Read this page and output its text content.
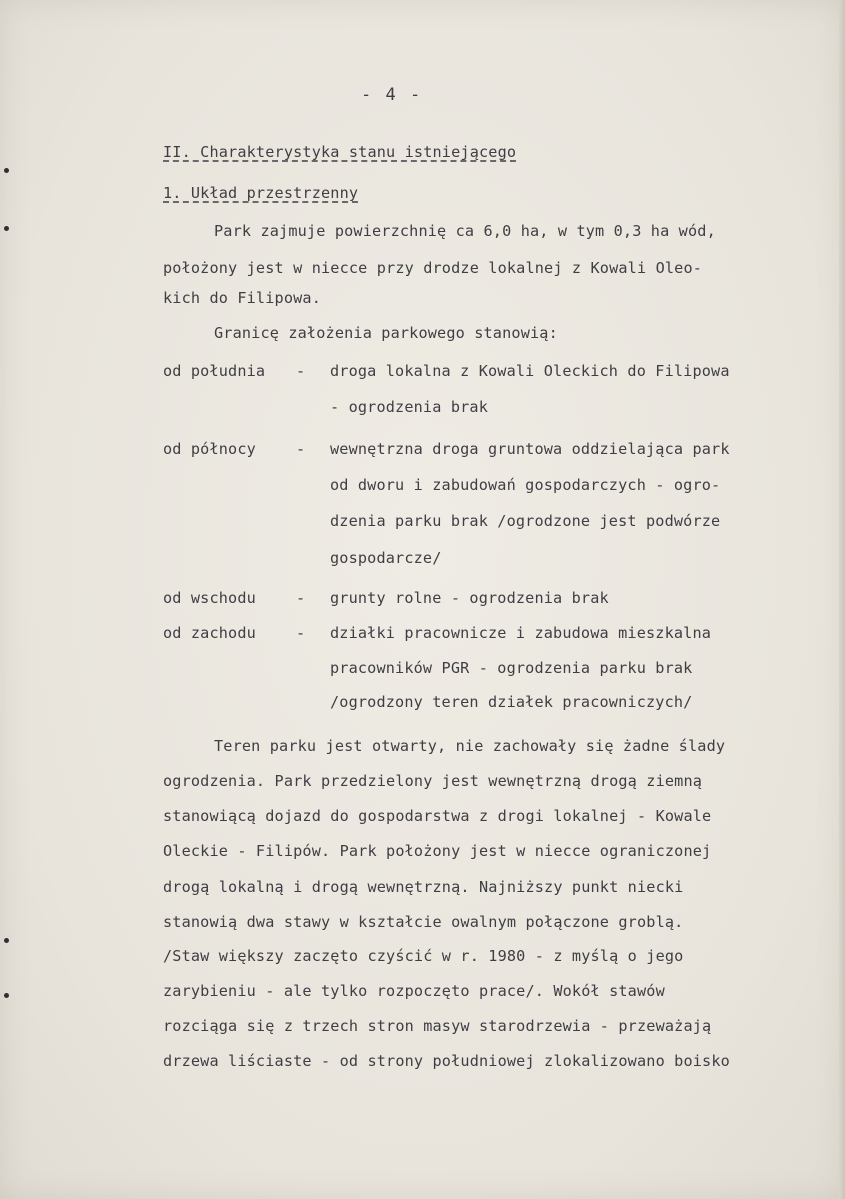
- 4 -
II. Charakterystyka stanu istniejącego
1. Układ przestrzenny
Park zajmuje powierzchnię ca 6,0 ha, w tym 0,3 ha wód,
położony jest w niecce przy drodze lokalnej z Kowali Oleo-
kich do Filipowa.
Granicę założenia parkowego stanowią:
od południa - droga lokalna z Kowali Oleckich do Filipowa
- ogrodzenia brak
od północy	- wewnętrzna droga gruntowa oddzielająca park
od dworu i zabudowań gospodarczych - ogro-
dzenia parku brak /ogrodzone jest podwórze
gospodarcze/
od wschodu	- grunty rolne - ogrodzenia brak
od zachodu	- działki pracownicze i zabudowa mieszkalna
pracowników PGR - ogrodzenia parku brak
/ogrodzony teren działek pracowniczych/
Teren parku jest otwarty, nie zachowały się żadne ślady
ogrodzenia. Park przedzielony jest wewnętrzną drogą ziemną
stanowiącą dojazd do gospodarstwa z drogi lokalnej - Kowale
Oleckie - Filipów. Park położony jest w niecce ograniczonej
drogą lokalną i drogą wewnętrzną. Najniższy punkt niecki
stanowią dwa stawy w kształcie owalnym połączone groblą.
/Staw większy zaczęto czyścić w r. 1980 - z myślą o jego
zarybieniu - ale tylko rozpoczęto prace/. Wokół stawów
rozciąga się z trzech stron masyw starodrzewia - przeważają
drzewa liściaste - od strony południowej zlokalizowano boisko
